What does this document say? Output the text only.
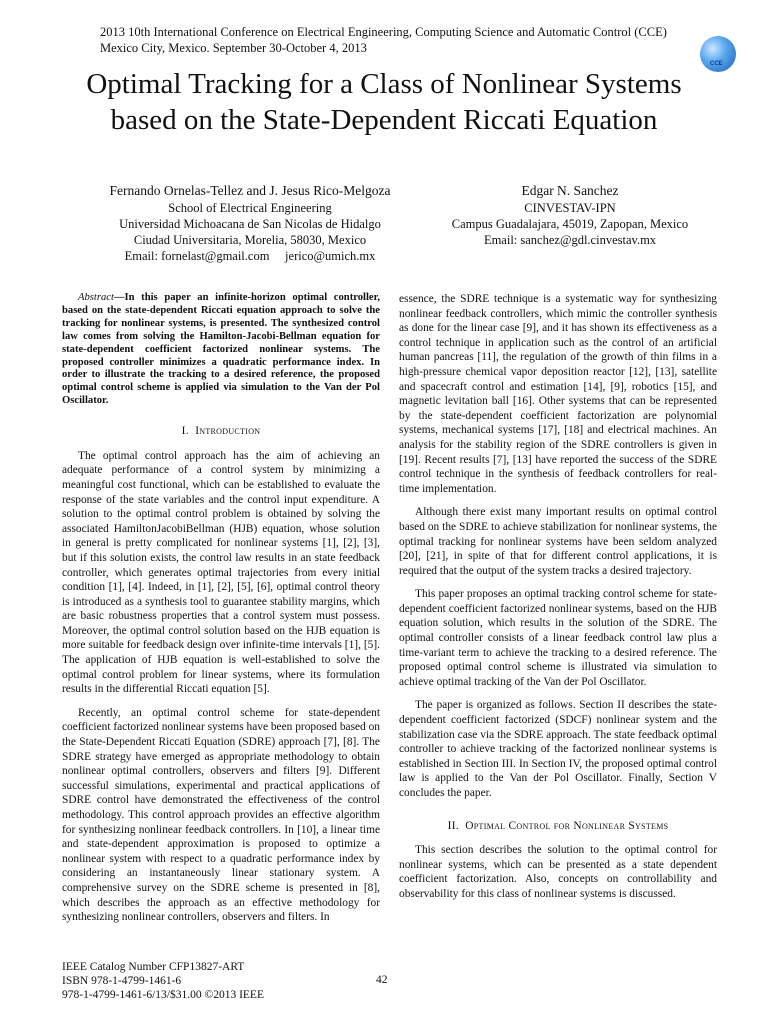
2013 10th International Conference on Electrical Engineering, Computing Science and Automatic Control (CCE)
Mexico City, Mexico. September 30-October 4, 2013
CCE
Optimal Tracking for a Class of Nonlinear Systems
based on the State-Dependent Riccati Equation
Fernando Ornelas-Tellez and J. Jesus Rico-Melgoza
School of Electrical Engineering
Universidad Michoacana de San Nicolas de Hidalgo
Ciudad Universitaria, Morelia, 58030, Mexico
Email: fornelast@gmail.com     jerico@umich.mx
Edgar N. Sanchez
CINVESTAV-IPN
Campus Guadalajara, 45019, Zapopan, Mexico
Email: sanchez@gdl.cinvestav.mx

Abstract—In this paper an infinite-horizon optimal controller, based on the state-dependent Riccati equation approach to solve the tracking for nonlinear systems, is presented. The synthesized control law comes from solving the Hamilton-Jacobi-Bellman equation for state-dependent coefficient factorized nonlinear systems. The proposed controller minimizes a quadratic performance index. In order to illustrate the tracking to a desired reference, the proposed optimal control scheme is applied via simulation to the Van der Pol Oscillator.

I. Introduction

The optimal control approach has the aim of achieving an adequate performance of a control system by minimizing a meaningful cost functional, which can be established to evaluate the response of the state variables and the control input expenditure. A solution to the optimal control problem is obtained by solving the associated HamiltonJacobiBellman (HJB) equation, whose solution in general is pretty complicated for nonlinear systems [1], [2], [3], but if this solution exists, the control law results in an state feedback controller, which generates optimal trajectories from every initial condition [1], [4]. Indeed, in [1], [2], [5], [6], optimal control theory is introduced as a synthesis tool to guarantee stability margins, which are basic robustness properties that a control system must possess. Moreover, the optimal control solution based on the HJB equation is more suitable for feedback design over infinite-time intervals [1], [5]. The application of HJB equation is well-established to solve the optimal control problem for linear systems, where its formulation results in the differential Riccati equation [5].

Recently, an optimal control scheme for state-dependent coefficient factorized nonlinear systems have been proposed based on the State-Dependent Riccati Equation (SDRE) approach [7], [8]. The SDRE strategy have emerged as appropriate methodology to obtain nonlinear optimal controllers, observers and filters [9]. Different successful simulations, experimental and practical applications of SDRE control have demonstrated the effectiveness of the control methodology. This control approach provides an effective algorithm for synthesizing nonlinear feedback controllers. In [10], a linear time and state-dependent approximation is proposed to optimize a nonlinear system with respect to a quadratic performance index by considering an instantaneously linear stationary system. A comprehensive survey on the SDRE scheme is presented in [8], which describes the approach as an effective methodology for synthesizing nonlinear controllers, observers and filters. In

essence, the SDRE technique is a systematic way for synthesizing nonlinear feedback controllers, which mimic the controller synthesis as done for the linear case [9], and it has shown its effectiveness as a control technique in application such as the control of an artificial human pancreas [11], the regulation of the growth of thin films in a high-pressure chemical vapor deposition reactor [12], [13], satellite and spacecraft control and estimation [14], [9], robotics [15], and magnetic levitation ball [16]. Other systems that can be represented by the state-dependent coefficient factorization are polynomial systems, mechanical systems [17], [18] and electrical machines. An analysis for the stability region of the SDRE controllers is given in [19]. Recent results [7], [13] have reported the success of the SDRE control technique in the synthesis of feedback controllers for real-time implementation.

Although there exist many important results on optimal control based on the SDRE to achieve stabilization for nonlinear systems, the optimal tracking for nonlinear systems have been seldom analyzed [20], [21], in spite of that for different control applications, it is required that the output of the system tracks a desired trajectory.

This paper proposes an optimal tracking control scheme for state-dependent coefficient factorized nonlinear systems, based on the HJB equation solution, which results in the solution of the SDRE. The optimal controller consists of a linear feedback control law plus a time-variant term to achieve the tracking to a desired reference. The proposed optimal control scheme is illustrated via simulation to achieve optimal tracking of the Van der Pol Oscillator.

The paper is organized as follows. Section II describes the state-dependent coefficient factorized (SDCF) nonlinear system and the stabilization case via the SDRE approach. The state feedback optimal controller to achieve tracking of the factorized nonlinear systems is established in Section III. In Section IV, the proposed optimal control law is applied to the Van der Pol Oscillator. Finally, Section V concludes the paper.

II. Optimal Control for Nonlinear Systems

This section describes the solution to the optimal control for nonlinear systems, which can be presented as a state dependent coefficient factorization. Also, concepts on controllability and observability for this class of nonlinear systems is discussed.

IEEE Catalog Number CFP13827-ART
ISBN 978-1-4799-1461-6
978-1-4799-1461-6/13/$31.00 ©2013 IEEE
42
